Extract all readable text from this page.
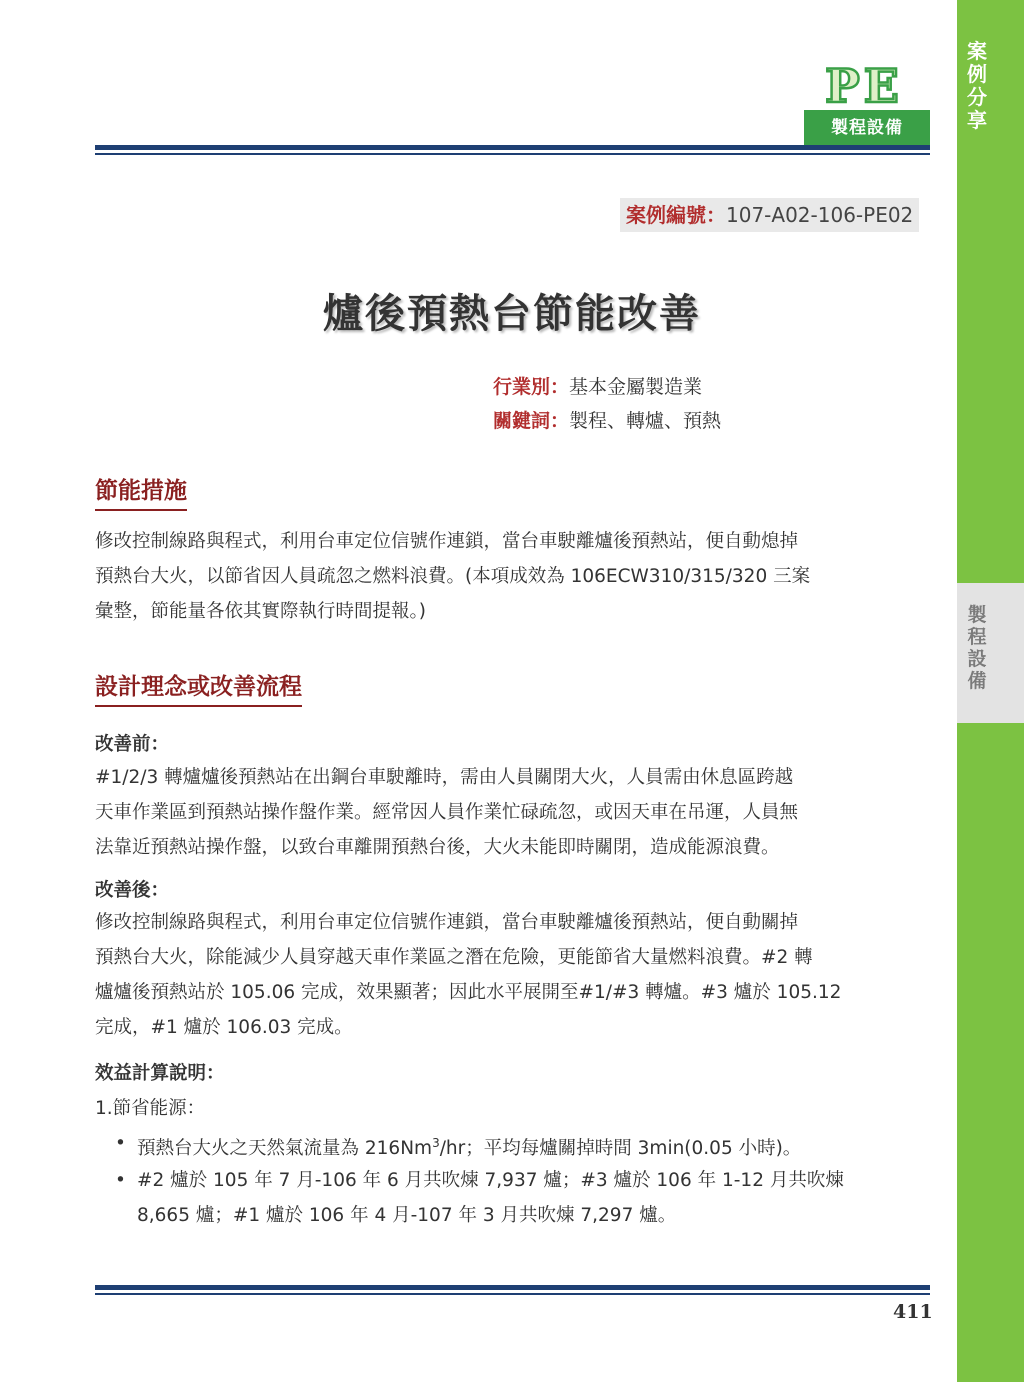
案例分享
製程設備
PE
製程設備
案例編號：107-A02-106-PE02
爐後預熱台節能改善
行業別：基本金屬製造業
關鍵詞：製程、轉爐、預熱
節能措施
修改控制線路與程式，利用台車定位信號作連鎖，當台車駛離爐後預熱站，便自動熄掉
預熱台大火，以節省因人員疏忽之燃料浪費。(本項成效為 106ECW310/315/320 三案
彙整，節能量各依其實際執行時間提報。)
設計理念或改善流程
改善前：
#1/2/3 轉爐爐後預熱站在出鋼台車駛離時，需由人員關閉大火，人員需由休息區跨越
天車作業區到預熱站操作盤作業。經常因人員作業忙碌疏忽，或因天車在吊運，人員無
法靠近預熱站操作盤，以致台車離開預熱台後，大火未能即時關閉，造成能源浪費。
改善後：
修改控制線路與程式，利用台車定位信號作連鎖，當台車駛離爐後預熱站，便自動關掉
預熱台大火，除能減少人員穿越天車作業區之潛在危險，更能節省大量燃料浪費。#2 轉
爐爐後預熱站於 105.06 完成，效果顯著；因此水平展開至#1/#3 轉爐。#3 爐於 105.12
完成，#1 爐於 106.03 完成。
效益計算說明：
1.節省能源：
• 預熱台大火之天然氣流量為 216Nm$^3$/hr；平均每爐關掉時間 3min(0.05 小時)。
• #2 爐於 105 年 7 月-106 年 6 月共吹煉 7,937 爐；#3 爐於 106 年 1-12 月共吹煉
8,665 爐；#1 爐於 106 年 4 月-107 年 3 月共吹煉 7,297 爐。
411
